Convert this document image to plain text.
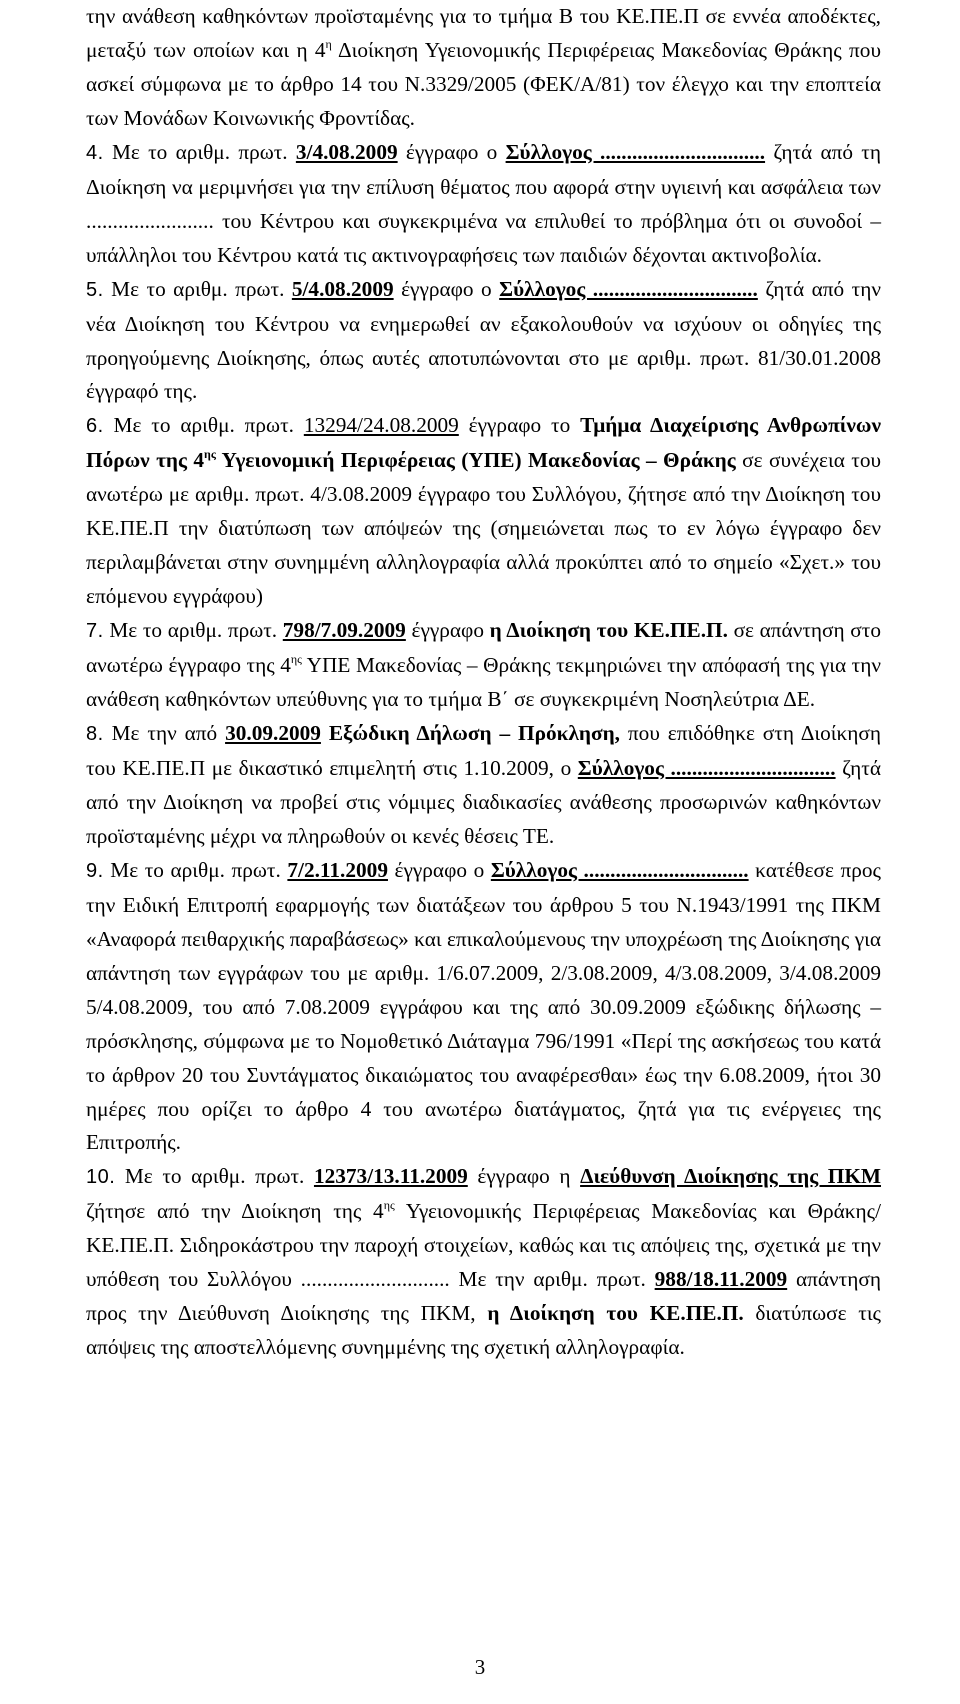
την ανάθεση καθηκόντων προϊσταμένης για το τμήμα Β του ΚΕ.ΠΕ.Π σε εννέα αποδέκτες, μεταξύ των οποίων και η $4^\eta$ Διοίκηση Υγειονομικής Περιφέρειας Μακεδονίας Θράκης που ασκεί σύμφωνα με το άρθρο 14 του Ν.3329/2005 (ΦΕΚ/Α/81) τον έλεγχο και την εποπτεία των Μονάδων Κοινωνικής Φροντίδας.

4. Με το αριθμ. πρωτ. 3/4.08.2009 έγγραφο ο Σύλλογος ............................... ζητά από τη Διοίκηση να μεριμνήσει για την επίλυση θέματος που αφορά στην υγιεινή και ασφάλεια των ........................ του Κέντρου και συγκεκριμένα να επιλυθεί το πρόβλημα ότι οι συνοδοί – υπάλληλοι του Κέντρου κατά τις ακτινογραφήσεις των παιδιών δέχονται ακτινοβολία.

5. Με το αριθμ. πρωτ. 5/4.08.2009 έγγραφο ο Σύλλογος ............................... ζητά από την νέα Διοίκηση του Κέντρου να ενημερωθεί αν εξακολουθούν να ισχύουν οι οδηγίες της προηγούμενης Διοίκησης, όπως αυτές αποτυπώνονται στο με αριθμ. πρωτ. 81/30.01.2008 έγγραφό της.

6. Με το αριθμ. πρωτ. 13294/24.08.2009 έγγραφο το Τμήμα Διαχείρισης Ανθρωπίνων Πόρων της $4^{\eta\varsigma}$ Υγειονομική Περιφέρειας (ΥΠΕ) Μακεδονίας – Θράκης σε συνέχεια του ανωτέρω με αριθμ. πρωτ. 4/3.08.2009 έγγραφο του Συλλόγου, ζήτησε από την Διοίκηση του ΚΕ.ΠΕ.Π την διατύπωση των απόψεών της (σημειώνεται πως το εν λόγω έγγραφο δεν περιλαμβάνεται στην συνημμένη αλληλογραφία αλλά προκύπτει από το σημείο «Σχετ.» του επόμενου εγγράφου)

7. Με το αριθμ. πρωτ. 798/7.09.2009 έγγραφο η Διοίκηση του ΚΕ.ΠΕ.Π. σε απάντηση στο ανωτέρω έγγραφο της $4^{\eta\varsigma}$ ΥΠΕ Μακεδονίας – Θράκης τεκμηριώνει την απόφασή της για την ανάθεση καθηκόντων υπεύθυνης για το τμήμα Β΄ σε συγκεκριμένη Νοσηλεύτρια ΔΕ.

8. Με την από 30.09.2009 Εξώδικη Δήλωση – Πρόκληση, που επιδόθηκε στη Διοίκηση του ΚΕ.ΠΕ.Π με δικαστικό επιμελητή στις 1.10.2009, ο Σύλλογος ............................... ζητά από την Διοίκηση να προβεί στις νόμιμες διαδικασίες ανάθεσης προσωρινών καθηκόντων προϊσταμένης μέχρι να πληρωθούν οι κενές θέσεις ΤΕ.

9. Με το αριθμ. πρωτ. 7/2.11.2009 έγγραφο ο Σύλλογος ............................... κατέθεσε προς την Ειδική Επιτροπή εφαρμογής των διατάξεων του άρθρου 5 του Ν.1943/1991 της ΠΚΜ «Αναφορά πειθαρχικής παραβάσεως» και επικαλούμενους την υποχρέωση της Διοίκησης για απάντηση των εγγράφων του με αριθμ. 1/6.07.2009, 2/3.08.2009, 4/3.08.2009, 3/4.08.2009 5/4.08.2009, του από 7.08.2009 εγγράφου και της από 30.09.2009 εξώδικης δήλωσης – πρόσκλησης, σύμφωνα με το Νομοθετικό Διάταγμα 796/1991 «Περί της ασκήσεως του κατά το άρθρον 20 του Συντάγματος δικαιώματος του αναφέρεσθαι» έως την 6.08.2009, ήτοι 30 ημέρες που ορίζει το άρθρο 4 του ανωτέρω διατάγματος, ζητά για τις ενέργειες της Επιτροπής.

10. Με το αριθμ. πρωτ. 12373/13.11.2009 έγγραφο η Διεύθυνση Διοίκησης της ΠΚΜ ζήτησε από την Διοίκηση της $4^{\eta\varsigma}$ Υγειονομικής Περιφέρειας Μακεδονίας και Θράκης/ ΚΕ.ΠΕ.Π. Σιδηροκάστρου την παροχή στοιχείων, καθώς και τις απόψεις της, σχετικά με την υπόθεση του Συλλόγου ............................ Με την αριθμ. πρωτ. 988/18.11.2009 απάντηση προς την Διεύθυνση Διοίκησης της ΠΚΜ, η Διοίκηση του ΚΕ.ΠΕ.Π. διατύπωσε τις απόψεις της αποστελλόμενης συνημμένης της σχετική αλληλογραφία.

3
